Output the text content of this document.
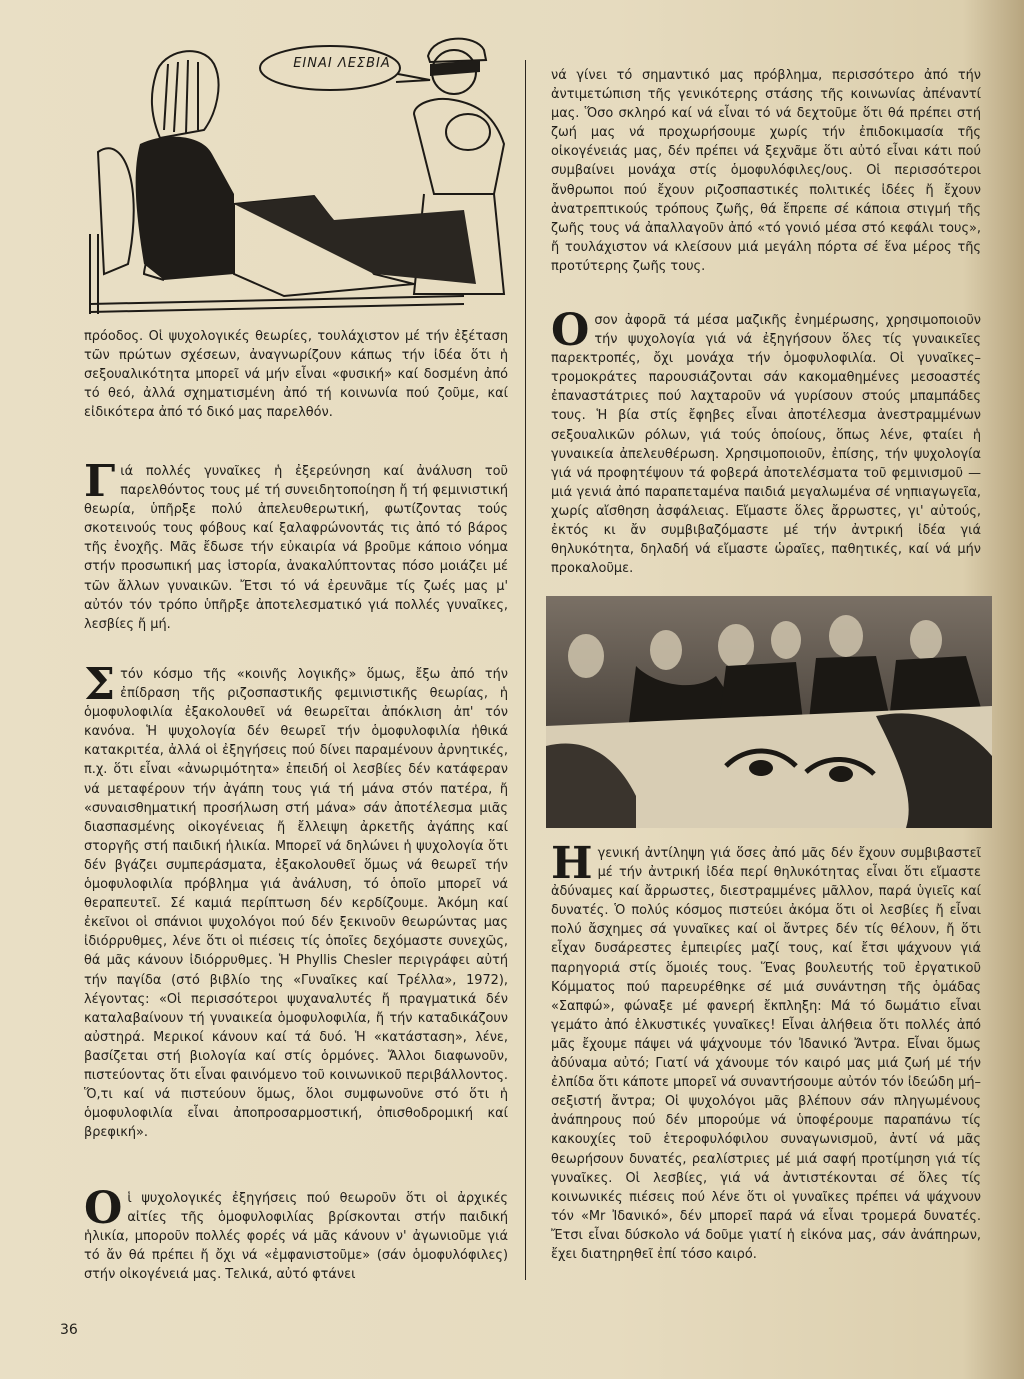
ΕΙΝΑΙ ΛΕΣΒΙΑ

πρόοδος. Οἱ ψυχολογικές θεωρίες, τουλάχιστον μέ τήν ἐξέταση τῶν πρώτων σχέσεων, ἀναγνωρίζουν κάπως τήν ἰδέα ὅτι ἡ σεξουαλικότητα μπορεῖ νά μήν εἶναι «φυσική» καί δοσμένη ἀπό τό θεό, ἀλλά σχηματισμένη ἀπό τή κοινωνία πού ζοῦμε, καί εἰδικότερα ἀπό τό δικό μας παρελθόν.

Γιά πολλές γυναῖκες ἡ ἐξερεύνηση καί ἀνάλυση τοῦ παρελθόντος τους μέ τή συνειδητοποίηση ἤ τή φεμινιστική θεωρία, ὑπῆρξε πολύ ἀπελευθερωτική, φωτίζοντας τούς σκοτεινούς τους φόβους καί ξαλαφρώνοντάς τις ἀπό τό βάρος τῆς ἐνοχῆς. Μᾶς ἔδωσε τήν εὐκαιρία νά βροῦμε κάποιο νόημα στήν προσωπική μας ἱστορία, ἀνακαλύπτοντας πόσο μοιάζει μέ τῶν ἄλλων γυναικῶν. Ἔτσι τό νά ἐρευνᾶμε τίς ζωές μας μ' αὐτόν τόν τρόπο ὑπῆρξε ἀποτελεσματικό γιά πολλές γυναῖκες, λεσβίες ἤ μή.

Στόν κόσμο τῆς «κοινῆς λογικῆς» ὅμως, ἔξω ἀπό τήν ἐπίδραση τῆς ριζοσπαστικῆς φεμινιστικῆς θεωρίας, ἡ ὁμοφυλοφιλία ἐξακολουθεῖ νά θεωρεῖται ἀπόκλιση ἀπ' τόν κανόνα. Ἡ ψυχολογία δέν θεωρεῖ τήν ὁμοφυλοφιλία ἠθικά κατακριτέα, ἀλλά οἱ ἐξηγήσεις πού δίνει παραμένουν ἀρνητικές, π.χ. ὅτι εἶναι «ἀνωριμότητα» ἐπειδή οἱ λεσβίες δέν κατάφεραν νά μεταφέρουν τήν ἀγάπη τους γιά τή μάνα στόν πατέρα, ἤ «συναισθηματική προσήλωση στή μάνα» σάν ἀποτέλεσμα μιᾶς διασπασμένης οἰκογένειας ἤ ἔλλειψη ἀρκετῆς ἀγάπης καί στοργῆς στή παιδική ἡλικία. Μπορεῖ νά δηλώνει ἡ ψυχολογία ὅτι δέν βγάζει συμπεράσματα, ἐξακολουθεῖ ὅμως νά θεωρεῖ τήν ὁμοφυλοφιλία πρόβλημα γιά ἀνάλυση, τό ὁποῖο μπορεῖ νά θεραπευτεῖ. Σέ καμιά περίπτωση δέν κερδίζουμε. Ἀκόμη καί ἐκεῖνοι οἱ σπάνιοι ψυχολόγοι πού δέν ξεκινοῦν θεωρώντας μας ἰδιόρρυθμες, λένε ὅτι οἱ πιέσεις τίς ὁποῖες δεχόμαστε συνεχῶς, θά μᾶς κάνουν ἰδιόρρυθμες. Ἡ Phyllis Chesler περιγράφει αὐτή τήν παγίδα (στό βιβλίο της «Γυναῖκες καί Τρέλλα», 1972), λέγοντας: «Οἱ περισσότεροι ψυχαναλυτές ἤ πραγματικά δέν καταλαβαίνουν τή γυναικεία ὁμοφυλοφιλία, ἤ τήν καταδικάζουν αὐστηρά. Μερικοί κάνουν καί τά δυό. Ἡ «κατάσταση», λένε, βασίζεται στή βιολογία καί στίς ὁρμόνες. Ἄλλοι διαφωνοῦν, πιστεύοντας ὅτι εἶναι φαινόμενο τοῦ κοινωνικοῦ περιβάλλοντος. Ὅ,τι καί νά πιστεύουν ὅμως, ὅλοι συμφωνοῦνε στό ὅτι ἡ ὁμοφυλοφιλία εἶναι ἀποπροσαρμοστική, ὀπισθοδρομική καί βρεφική».

Οἱ ψυχολογικές ἐξηγήσεις πού θεωροῦν ὅτι οἱ ἀρχικές αἰτίες τῆς ὁμοφυλοφιλίας βρίσκονται στήν παιδική ἡλικία, μποροῦν πολλές φορές νά μᾶς κάνουν ν' ἀγωνιοῦμε γιά τό ἄν θά πρέπει ἤ ὄχι νά «ἐμφανιστοῦμε» (σάν ὁμοφυλόφιλες) στήν οἰκογένειά μας. Τελικά, αὐτό φτάνει

νά γίνει τό σημαντικό μας πρόβλημα, περισσότερο ἀπό τήν ἀντιμετώπιση τῆς γενικότερης στάσης τῆς κοινωνίας ἀπέναντί μας. Ὅσο σκληρό καί νά εἶναι τό νά δεχτοῦμε ὅτι θά πρέπει στή ζωή μας νά προχωρήσουμε χωρίς τήν ἐπιδοκιμασία τῆς οἰκογένειάς μας, δέν πρέπει νά ξεχνᾶμε ὅτι αὐτό εἶναι κάτι πού συμβαίνει μονάχα στίς ὁμοφυλόφιλες/ους. Οἱ περισσότεροι ἄνθρωποι πού ἔχουν ριζοσπαστικές πολιτικές ἰδέες ἤ ἔχουν ἀνατρεπτικούς τρόπους ζωῆς, θά ἔπρεπε σέ κάποια στιγμή τῆς ζωῆς τους νά ἀπαλλαγοῦν ἀπό «τό γονιό μέσα στό κεφάλι τους», ἤ τουλάχιστον νά κλείσουν μιά μεγάλη πόρτα σέ ἕνα μέρος τῆς προτύτερης ζωῆς τους.

Οσον ἀφορᾶ τά μέσα μαζικῆς ἐνημέρωσης, χρησιμοποιοῦν τήν ψυχολογία γιά νά ἐξηγήσουν ὅλες τίς γυναικεῖες παρεκτροπές, ὄχι μονάχα τήν ὁμοφυλοφιλία. Οἱ γυναῖκες–τρομοκράτες παρουσιάζονται σάν κακομαθημένες μεσοαστές ἐπαναστάτριες πού λαχταροῦν νά γυρίσουν στούς μπαμπάδες τους. Ἡ βία στίς ἔφηβες εἶναι ἀποτέλεσμα ἀνεστραμμένων σεξουαλικῶν ρόλων, γιά τούς ὁποίους, ὅπως λένε, φταίει ἡ γυναικεία ἀπελευθέρωση. Χρησιμοποιοῦν, ἐπίσης, τήν ψυχολογία γιά νά προφητέψουν τά φοβερά ἀποτελέσματα τοῦ φεμινισμοῦ —μιά γενιά ἀπό παραπεταμένα παιδιά μεγαλωμένα σέ νηπιαγωγεῖα, χωρίς αἴσθηση ἀσφάλειας. Εἴμαστε ὅλες ἄρρωστες, γι' αὐτούς, ἐκτός κι ἄν συμβιβαζόμαστε μέ τήν ἀντρική ἰδέα γιά θηλυκότητα, δηλαδή νά εἴμαστε ὡραῖες, παθητικές, καί νά μήν προκαλοῦμε.

Ηγενική ἀντίληψη γιά ὅσες ἀπό μᾶς δέν ἔχουν συμβιβαστεῖ μέ τήν ἀντρική ἰδέα περί θηλυκότητας εἶναι ὅτι εἴμαστε ἀδύναμες καί ἄρρωστες, διεστραμμένες μᾶλλον, παρά ὑγιεῖς καί δυνατές. Ὁ πολύς κόσμος πιστεύει ἀκόμα ὅτι οἱ λεσβίες ἤ εἶναι πολύ ἄσχημες σά γυναῖκες καί οἱ ἄντρες δέν τίς θέλουν, ἤ ὅτι εἶχαν δυσάρεστες ἐμπειρίες μαζί τους, καί ἔτσι ψάχνουν γιά παρηγοριά στίς ὅμοιές τους. Ἕνας βουλευτής τοῦ ἐργατικοῦ Κόμματος πού παρευρέθηκε σέ μιά συνάντηση τῆς ὁμάδας «Σαπφώ», φώναξε μέ φανερή ἔκπληξη: Μά τό δωμάτιο εἶναι γεμάτο ἀπό ἑλκυστικές γυναῖκες! Εἶναι ἀλήθεια ὅτι πολλές ἀπό μᾶς ἔχουμε πάψει νά ψάχνουμε τόν Ἰδανικό Ἄντρα. Εἶναι ὅμως ἀδύναμα αὐτό; Γιατί νά χάνουμε τόν καιρό μας μιά ζωή μέ τήν ἐλπίδα ὅτι κάποτε μπορεῖ νά συναντήσουμε αὐτόν τόν ἰδεώδη μή–σεξιστή ἄντρα; Οἱ ψυχολόγοι μᾶς βλέπουν σάν πληγωμένους ἀνάπηρους πού δέν μπορούμε νά ὑποφέρουμε παραπάνω τίς κακουχίες τοῦ ἑτεροφυλόφιλου συναγωνισμοῦ, ἀντί νά μᾶς θεωρήσουν δυνατές, ρεαλίστριες μέ μιά σαφή προτίμηση γιά τίς γυναῖκες. Οἱ λεσβίες, γιά νά ἀντιστέκονται σέ ὅλες τίς κοινωνικές πιέσεις πού λένε ὅτι οἱ γυναῖκες πρέπει νά ψάχνουν τόν «Mr Ἰδανικό», δέν μπορεῖ παρά νά εἶναι τρομερά δυνατές. Ἔτσι εἶναι δύσκολο νά δοῦμε γιατί ἡ εἰκόνα μας, σάν ἀνάπηρων, ἔχει διατηρηθεῖ ἐπί τόσο καιρό.

36
